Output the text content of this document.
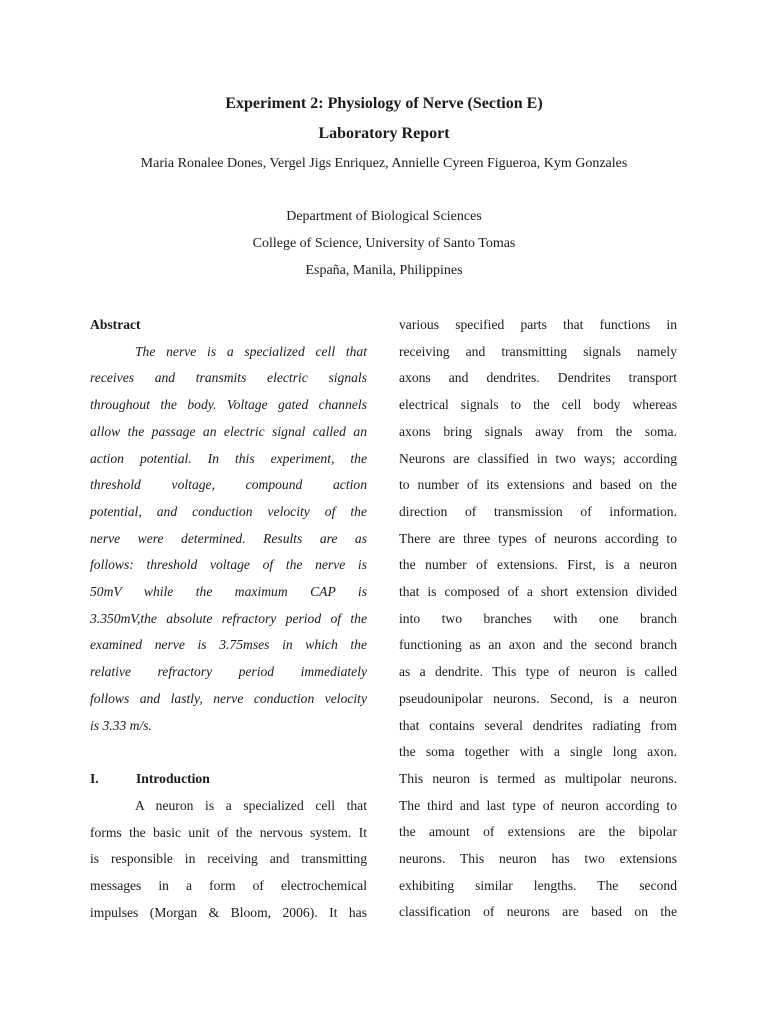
Experiment 2: Physiology of Nerve (Section E)
Laboratory Report
Maria Ronalee Dones, Vergel Jigs Enriquez, Annielle Cyreen Figueroa, Kym Gonzales
Department of Biological Sciences
College of Science, University of Santo Tomas
España, Manila, Philippines

Abstract

The nerve is a specialized cell that

receives and transmits electric signals

throughout the body. Voltage gated channels

allow the passage an electric signal called an

action potential. In this experiment, the

threshold voltage, compound action

potential, and conduction velocity of the

nerve were determined. Results are as

follows: threshold voltage of the nerve is

50mV while the maximum CAP is

3.350mV,the absolute refractory period of the

examined nerve is 3.75mses in which the

relative refractory period immediately

follows and lastly, nerve conduction velocity

is 3.33 m/s.

I.	Introduction

A neuron is a specialized cell that

forms the basic unit of the nervous system. It

is responsible in receiving and transmitting

messages in a form of electrochemical

impulses (Morgan & Bloom, 2006). It has

various specified parts that functions in

receiving and transmitting signals namely

axons and dendrites. Dendrites transport

electrical signals to the cell body whereas

axons bring signals away from the soma.

Neurons are classified in two ways; according

to number of its extensions and based on the

direction of transmission of information.

There are three types of neurons according to

the number of extensions. First, is a neuron

that is composed of a short extension divided

into two branches with one branch

functioning as an axon and the second branch

as a dendrite. This type of neuron is called

pseudounipolar neurons. Second, is a neuron

that contains several dendrites radiating from

the soma together with a single long axon.

This neuron is termed as multipolar neurons.

The third and last type of neuron according to

the amount of extensions are the bipolar

neurons. This neuron has two extensions

exhibiting similar lengths. The second

classification of neurons are based on the
